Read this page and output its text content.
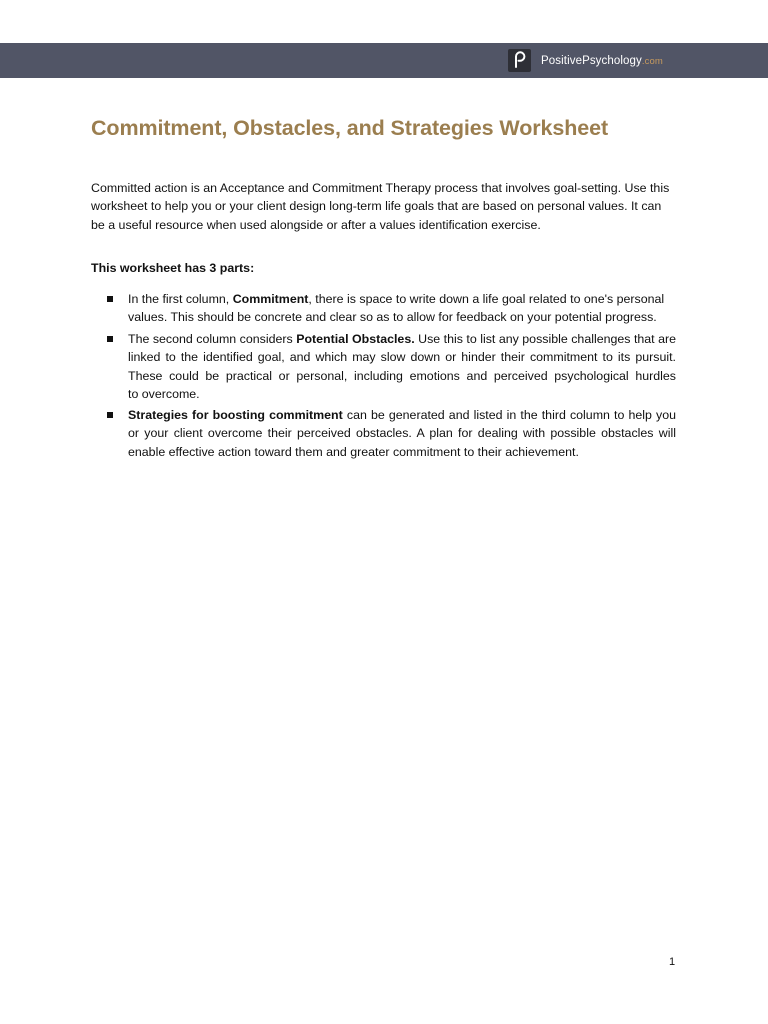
PositivePsychology.com
Commitment, Obstacles, and Strategies Worksheet

Committed action is an Acceptance and Commitment Therapy process that involves goal-setting. Use this
worksheet to help you or your client design long-term life goals that are based on personal values. It can
be a useful resource when used alongside or after a values identification exercise.

This worksheet has 3 parts:

In the first column, Commitment, there is space to write down a life goal related to one's personal
values. This should be concrete and clear so as to allow for feedback on your potential progress.
The second column considers Potential Obstacles. Use this to list any possible challenges that are
linked to the identified goal, and which may slow down or hinder their commitment to its pursuit.
These could be practical or personal, including emotions and perceived psychological hurdles
to overcome.
Strategies for boosting commitment can be generated and listed in the third column to help you
or your client overcome their perceived obstacles. A plan for dealing with possible obstacles will
enable effective action toward them and greater commitment to their achievement.
1
